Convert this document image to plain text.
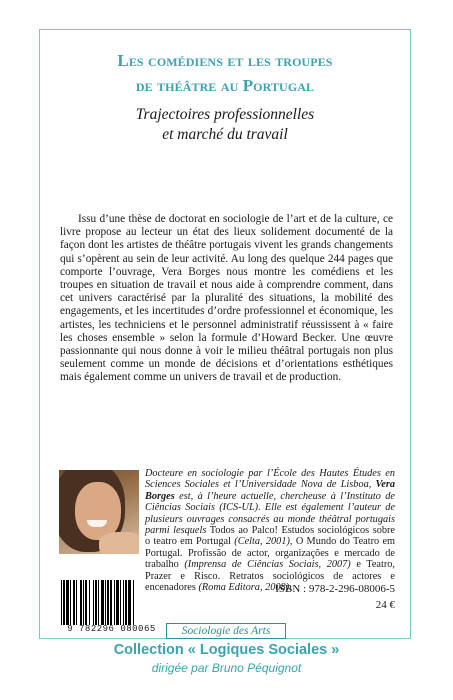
Les comédiens et les troupes
de théâtre au Portugal
Trajectoires professionnelles
et marché du travail

Issu d’une thèse de doctorat en sociologie de l’art et de la culture, ce livre propose au lecteur un état des lieux solidement documenté de la façon dont les artistes de théâtre portugais vivent les grands changements qui s’opèrent au sein de leur activité. Au long des quelque 244 pages que comporte l’ouvrage, Vera Borges nous montre les comédiens et les troupes en situation de travail et nous aide à comprendre comment, dans cet univers caractérisé par la pluralité des situations, la mobilité des engagements, et les incertitudes d’ordre professionnel et économique, les artistes, les techniciens et le personnel administratif réussissent à « faire les choses ensemble » selon la formule d’Howard Becker. Une œuvre passionnante qui nous donne à voir le milieu théâtral portugais non plus seulement comme un monde de décisions et d’orientations esthétiques mais également comme un univers de travail et de production.

Docteure en sociologie par l’École des Hautes Études en Sciences Sociales et l’Universidade Nova de Lisboa, Vera Borges est, à l’heure actuelle, chercheuse à l’Instituto de Ciências Sociais (ICS-UL). Elle est également l’auteur de plusieurs ouvrages consacrés au monde théâtral portugais parmi lesquels Todos ao Palco! Estudos sociológicos sobre o teatro em Portugal (Celta, 2001), O Mundo do Teatro em Portugal. Profissão de actor, organizações e mercado de trabalho (Imprensa de Ciências Sociais, 2007) e Teatro, Prazer e Risco. Retratos sociológicos de actores e encenadores (Roma Editora, 2008).

9 782296 080065
ISBN : 978-2-296-08006-5
24 €
Sociologie des Arts
Collection « Logiques Sociales »
dirigée par Bruno Péquignot
